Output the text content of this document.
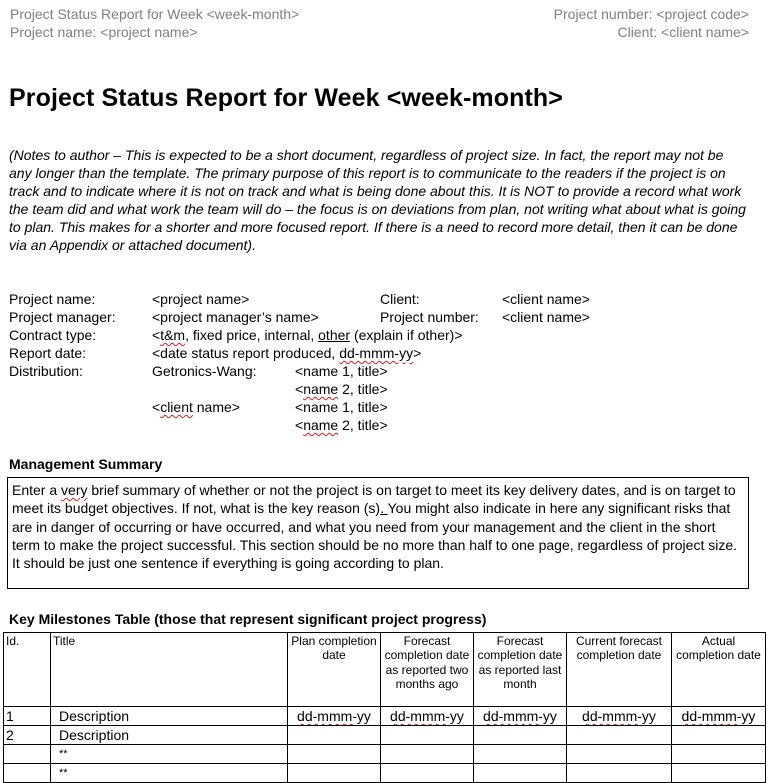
Project Status Report for Week <week-month>
Project name: <project name>
Project number: <project code>
Client: <client name>
Project Status Report for Week <week-month>
(Notes to author – This is expected to be a short document, regardless of project size. In fact, the report may not be any longer than the template. The primary purpose of this report is to communicate to the readers if the project is on track and to indicate where it is not on track and what is being done about this. It is NOT to provide a record what work the team did and what work the team will do – the focus is on deviations from plan, not writing what about what is going to plan. This makes for a shorter and more focused report. If there is a need to record more detail, then it can be done via an Appendix or attached document).
Project name:	<project name>	Client:	<client name>
Project manager:	<project manager’s name>	Project number: <client name>
Contract type:	<t&m, fixed price, internal, other (explain if other)>
Report date:	<date status report produced, dd-mmm-yy>
Distribution:	Getronics-Wang:	<name 1, title>
<name 2, title>
<client name>	<name 1, title>
<name 2, title>
Management Summary
Enter a very brief summary of whether or not the project is on target to meet its key delivery dates, and is on target to meet its budget objectives. If not, what is the key reason (s). You might also indicate in here any significant risks that are in danger of occurring or have occurred, and what you need from your management and the client in the short term to make the project successful. This section should be no more than half to one page, regardless of project size. It should be just one sentence if everything is going according to plan.
Key Milestones Table (those that represent significant project progress)
Id.	Title	Plan completion date	Forecast completion date as reported two months ago	Forecast completion date as reported last month	Current forecast completion date	Actual completion date
1	Description	dd-mmm-yy	dd-mmm-yy	dd-mmm-yy	dd-mmm-yy	dd-mmm-yy
2	Description					
	**					
	**					
